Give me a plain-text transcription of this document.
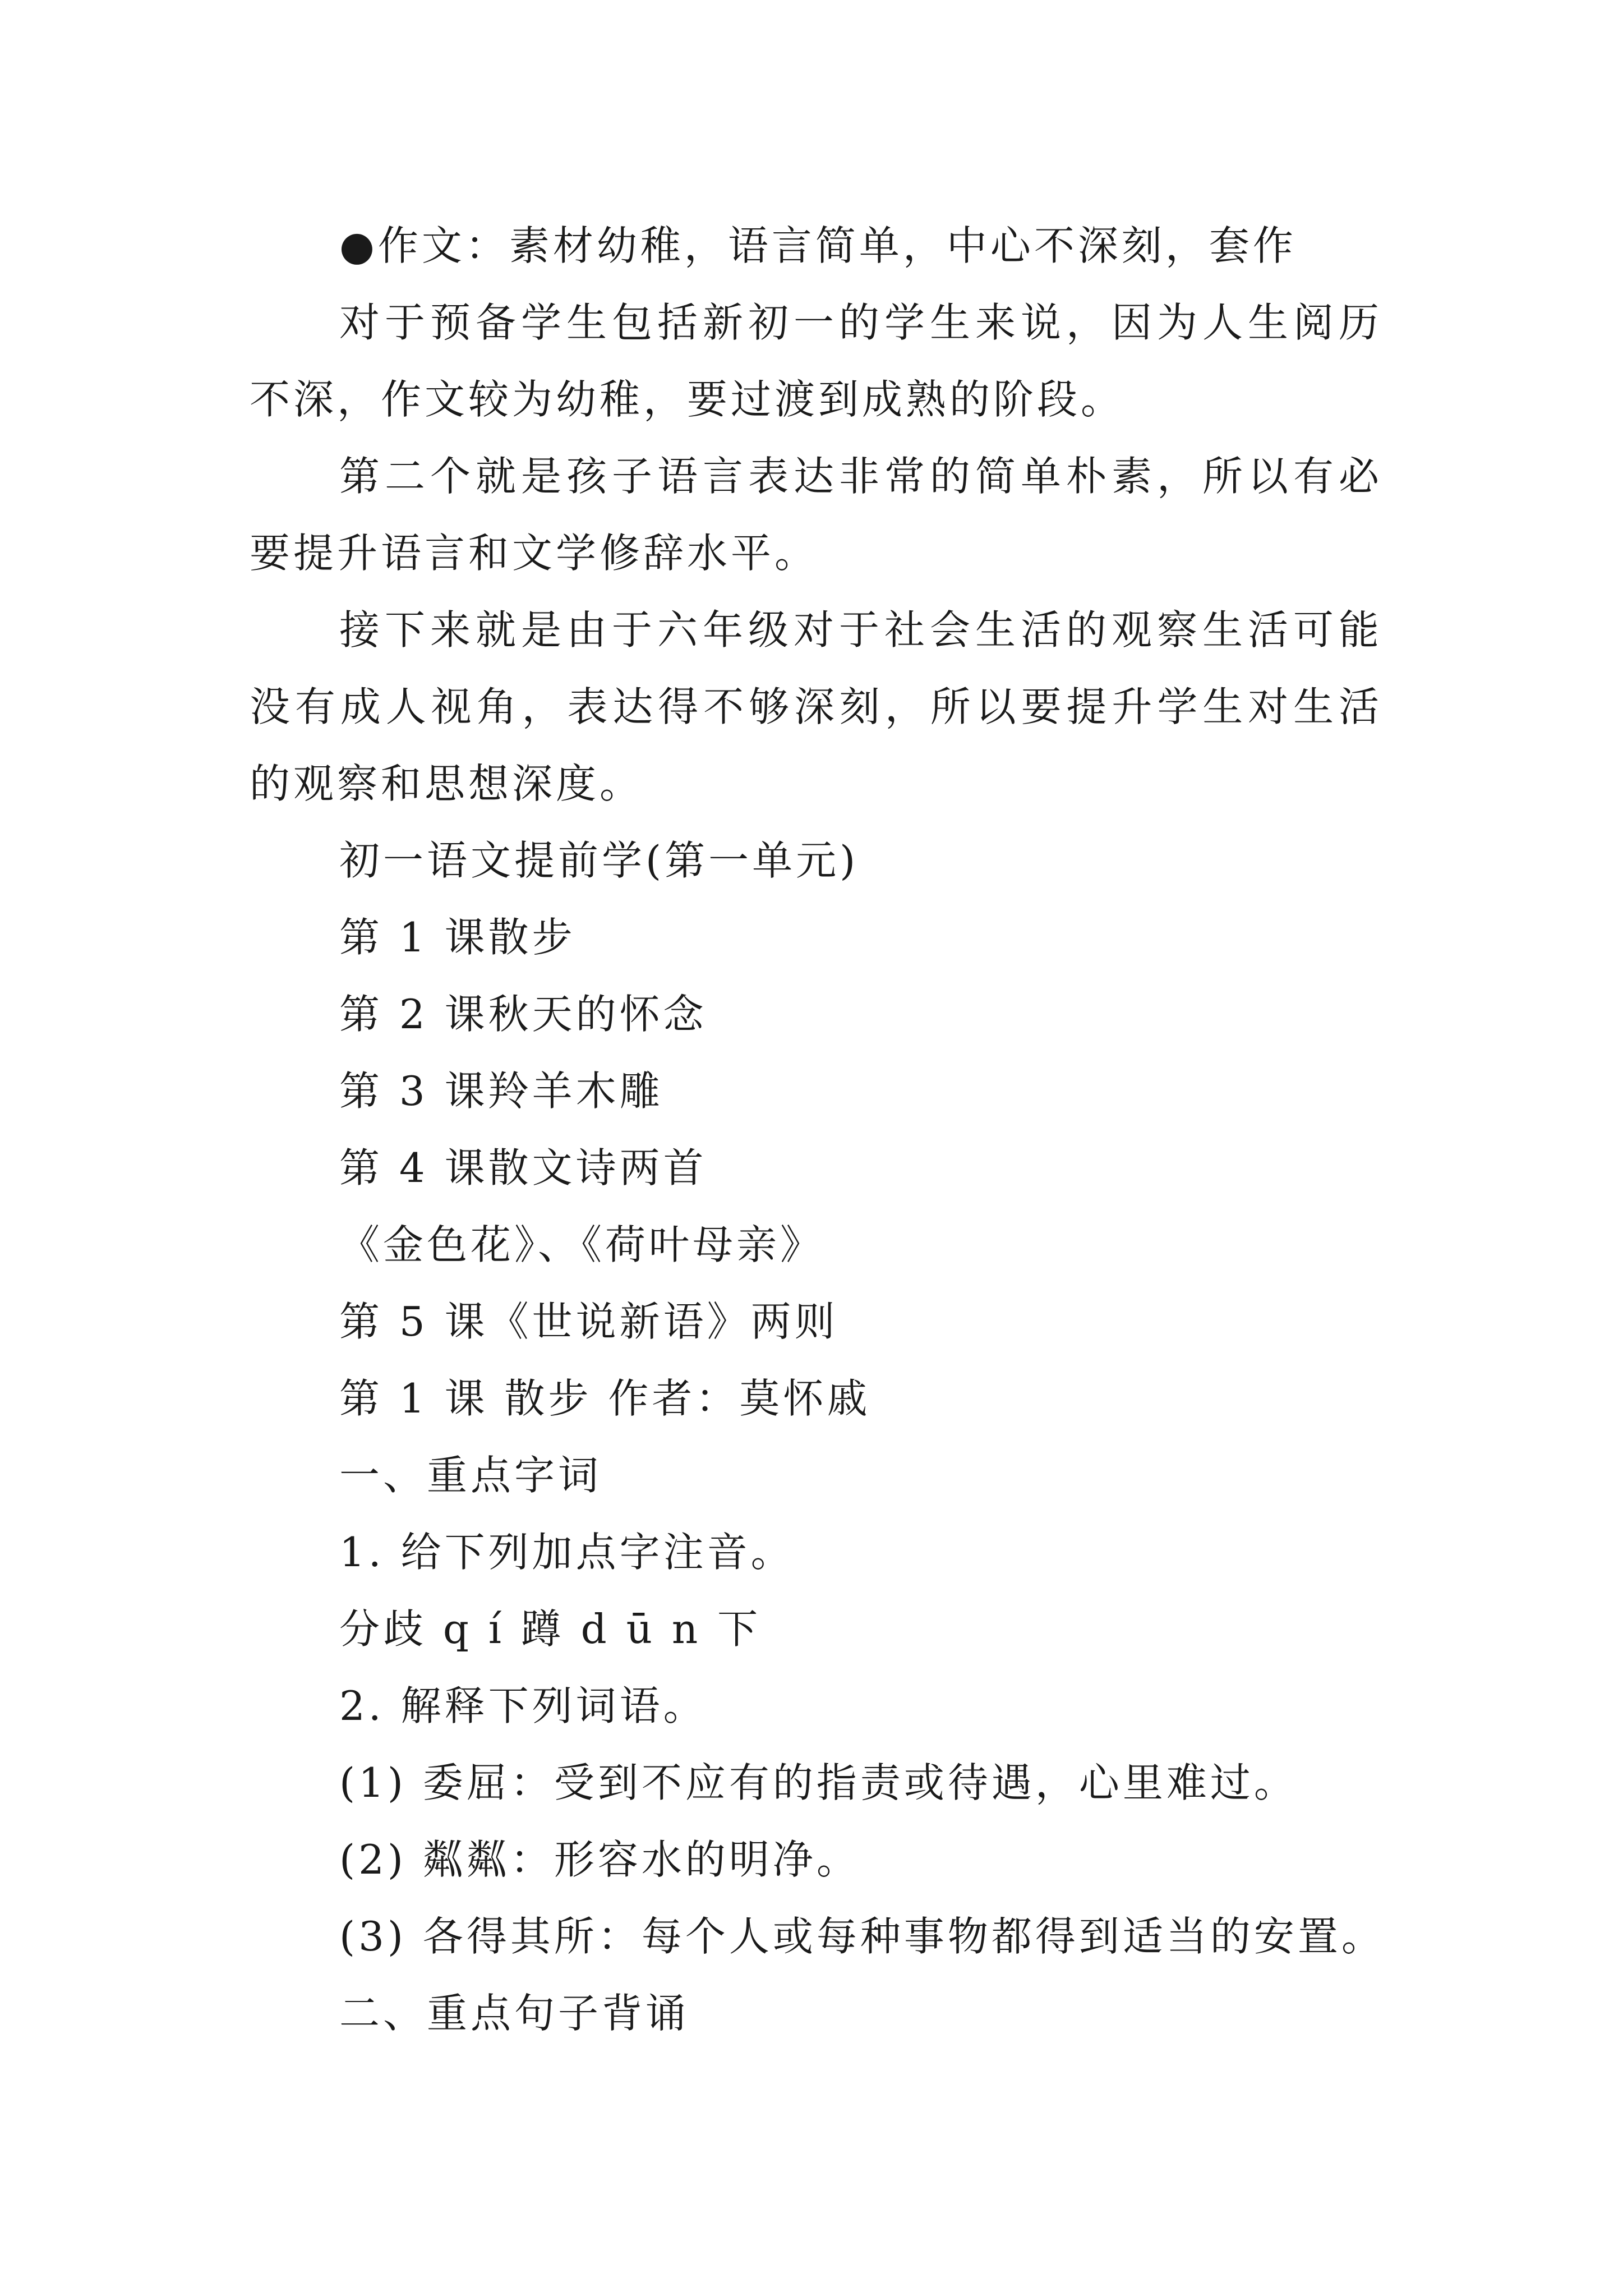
●作文：素材幼稚，语言简单，中心不深刻，套作

对于预备学生包括新初一的学生来说，因为人生阅历不深，作文较为幼稚，要过渡到成熟的阶段。

第二个就是孩子语言表达非常的简单朴素，所以有必要提升语言和文学修辞水平。

接下来就是由于六年级对于社会生活的观察生活可能没有成人视角，表达得不够深刻，所以要提升学生对生活的观察和思想深度。

初一语文提前学(第一单元)

第 1 课散步

第 2 课秋天的怀念

第 3 课羚羊木雕

第 4 课散文诗两首

《金色花》、《荷叶母亲》

第 5 课《世说新语》两则

第 1 课 散步 作者：莫怀戚

一、重点字词

1. 给下列加点字注音。

分歧 q í 蹲 d ū n 下

2. 解释下列词语。

(1) 委屈：受到不应有的指责或待遇，心里难过。

(2) 粼粼：形容水的明净。

(3) 各得其所：每个人或每种事物都得到适当的安置。

二、重点句子背诵
